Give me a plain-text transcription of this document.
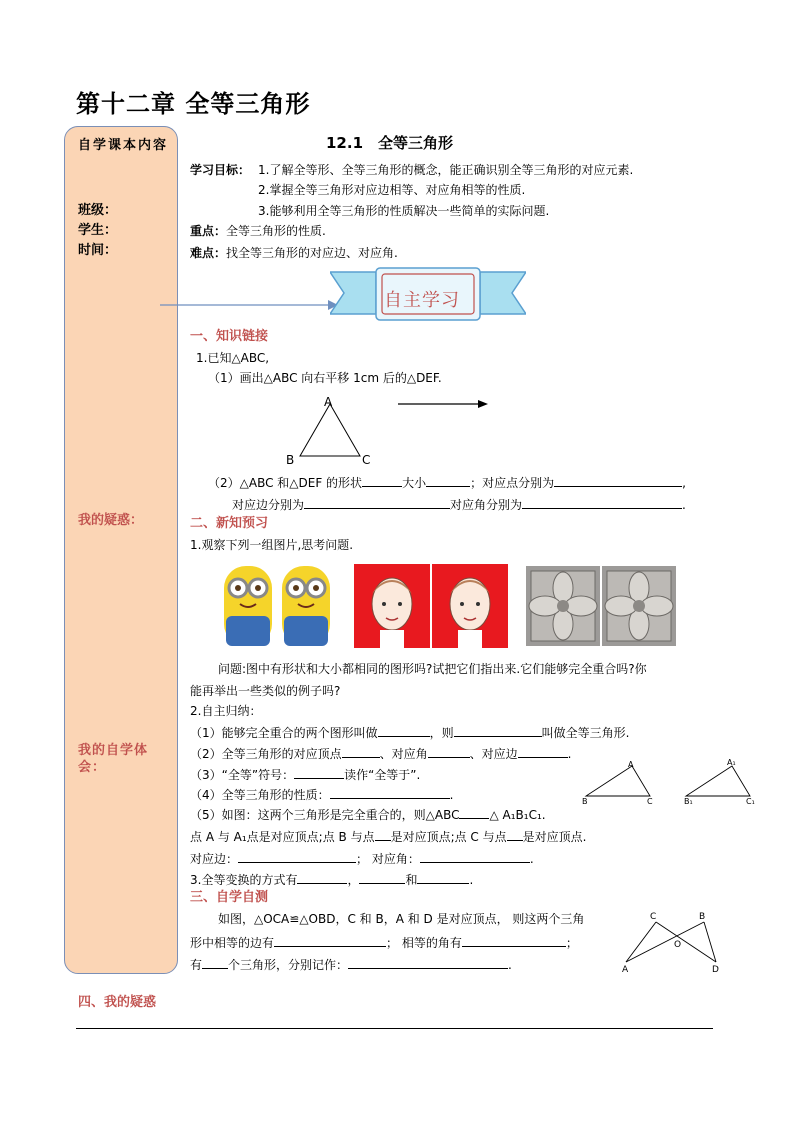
第十二章 全等三角形
自学课本内容
班级：
学生：
时间：
我的疑惑：
我的自学体会：
12.1　全等三角形
学习目标： 1.了解全等形、全等三角形的概念，能正确识别全等三角形的对应元素.
2.掌握全等三角形对应边相等、对应角相等的性质.
3.能够利用全等三角形的性质解决一些简单的实际问题.
重点：全等三角形的性质.
难点：找全等三角形的对应边、对应角.
自主学习
一、知识链接
1.已知△ABC,
（1）画出△ABC 向右平移 1cm 后的△DEF.
A
B	C
（2）△ABC 和△DEF 的形状	大小	；对应点分别为	,
对应边分别为	对应角分别为	.
二、新知预习
1.观察下列一组图片,思考问题.
问题:图中有形状和大小都相同的图形吗?试把它们指出来.它们能够完全重合吗?你
能再举出一些类似的例子吗?
2.自主归纳：
（1）能够完全重合的两个图形叫做	，则	叫做全等三角形.
（2）全等三角形的对应顶点	、对应角	、对应边	.
（3）“全等”符号：	读作“全等于”.
（4）全等三角形的性质：	.
（5）如图：这两个三角形是完全重合的，则△ABC	△ A₁B₁C₁.
点 A 与 A₁点是对应顶点;点 B 与点 是对应顶点;点 C 与点 是对应顶点.
对应边：	； 对应角：	.
3.全等变换的方式有	，	和	.
A
B	C
A₁
B₁	C₁
三、自学自测
如图，△OCA≌△OBD，C 和 B，A 和 D 是对应顶点， 则这两个三角
形中相等的边有	； 相等的角有	；
有 个三角形，分别记作：	.
C	B
O
A	D
四、我的疑惑
